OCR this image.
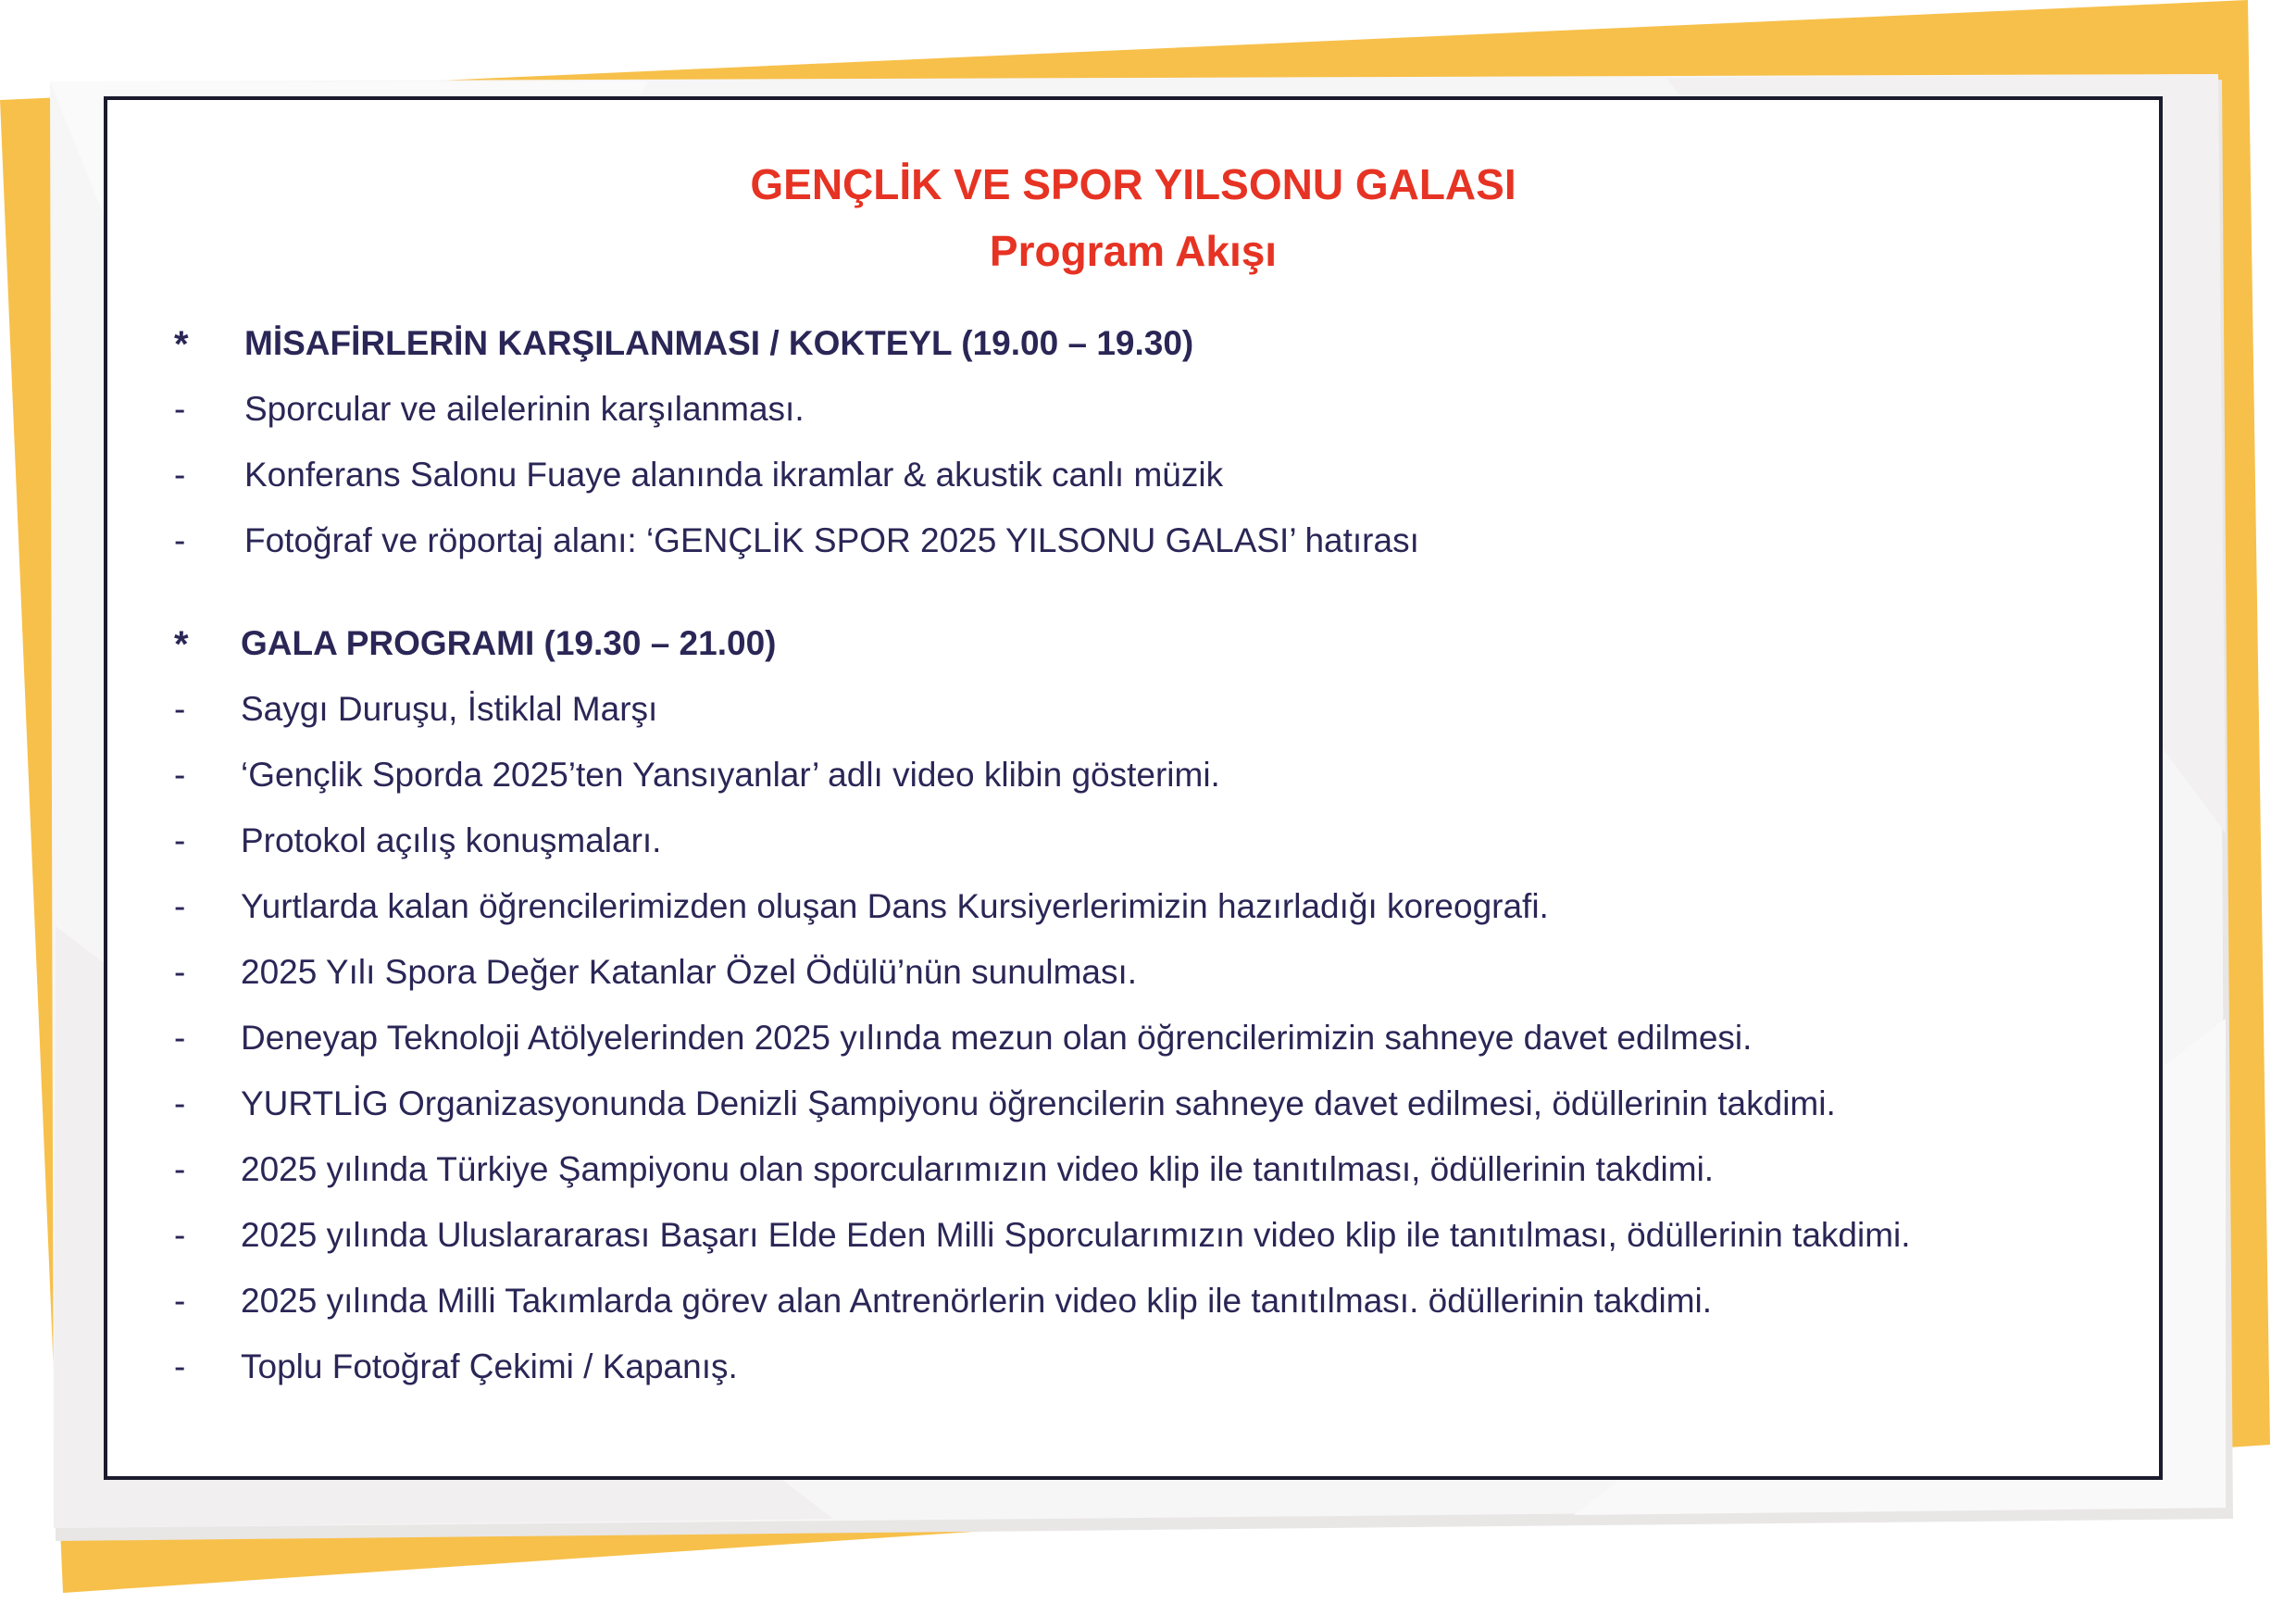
GENÇLİK VE SPOR YILSONU GALASI
Program Akışı
* MİSAFİRLERİN KARŞILANMASI / KOKTEYL (19.00 – 19.30)
- Sporcular ve ailelerinin karşılanması.
- Konferans Salonu Fuaye alanında ikramlar & akustik canlı müzik
- Fotoğraf ve röportaj alanı: ‘GENÇLİK SPOR 2025 YILSONU GALASI’ hatırası
* GALA PROGRAMI (19.30 – 21.00)
- Saygı Duruşu, İstiklal Marşı
- ‘Gençlik Sporda 2025’ten Yansıyanlar’ adlı video klibin gösterimi.
- Protokol açılış konuşmaları.
- Yurtlarda kalan öğrencilerimizden oluşan Dans Kursiyerlerimizin hazırladığı koreografi.
- 2025 Yılı Spora Değer Katanlar Özel Ödülü’nün sunulması.
- Deneyap Teknoloji Atölyelerinden 2025 yılında mezun olan öğrencilerimizin sahneye davet edilmesi.
- YURTLİG Organizasyonunda Denizli Şampiyonu öğrencilerin sahneye davet edilmesi, ödüllerinin takdimi.
- 2025 yılında Türkiye Şampiyonu olan sporcularımızın video klip ile tanıtılması, ödüllerinin takdimi.
- 2025 yılında Uluslarararası Başarı Elde Eden Milli Sporcularımızın video klip ile tanıtılması, ödüllerinin takdimi.
- 2025 yılında Milli Takımlarda görev alan Antrenörlerin video klip ile tanıtılması. ödüllerinin takdimi.
- Toplu Fotoğraf Çekimi / Kapanış.
